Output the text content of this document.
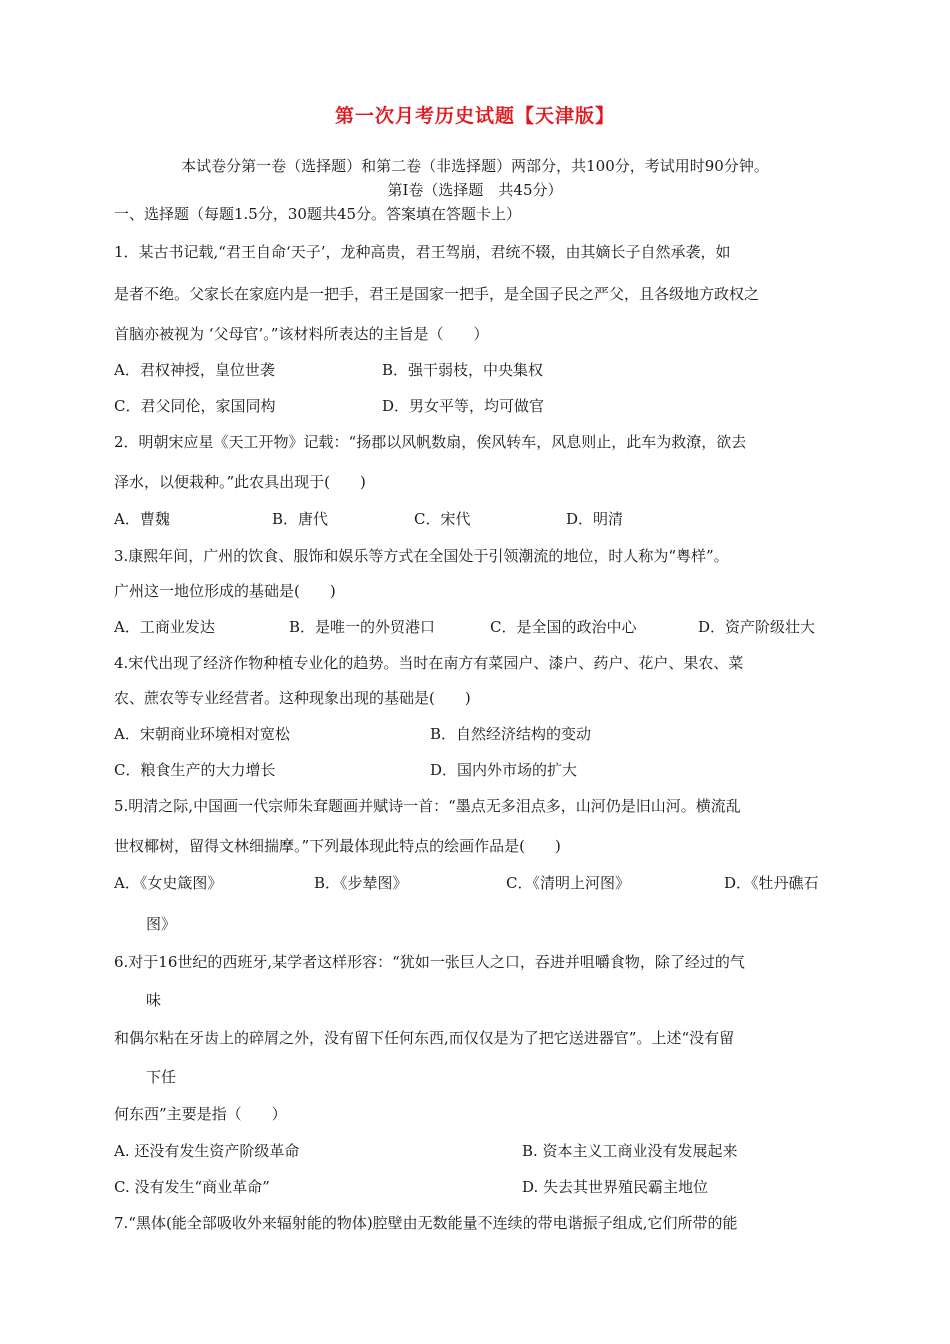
第一次月考历史试题【天津版】
本试卷分第一卷（选择题）和第二卷（非选择题）两部分，共100分，考试用时90分钟。
第Ⅰ卷（选择题　共45分）
一、选择题（每题1.5分，30题共45分。答案填在答题卡上）
1．某古书记载,“君王自命‘天子’，龙种高贵，君王驾崩，君统不辍，由其嫡长子自然承袭，如
是者不绝。父家长在家庭内是一把手，君王是国家一把手，是全国子民之严父，且各级地方政权之
首脑亦被视为 ‘父母官’。”该材料所表达的主旨是（　　）
A．君权神授，皇位世袭	B．强干弱枝，中央集权
C．君父同伦，家国同构	D．男女平等，均可做官
2．明朝宋应星《天工开物》记载：“扬郡以风帆数扇，俟风转车，风息则止，此车为救潦，欲去
泽水，以便栽种。”此农具出现于(　　)
A．曹魏	B．唐代	C．宋代	D．明清
3.康熙年间，广州的饮食、服饰和娱乐等方式在全国处于引领潮流的地位，时人称为“粤样”。
广州这一地位形成的基础是(　　)
A．工商业发达	B．是唯一的外贸港口	C．是全国的政治中心	D．资产阶级壮大
4.宋代出现了经济作物种植专业化的趋势。当时在南方有菜园户、漆户、药户、花户、果农、菜
农、蔗农等专业经营者。这种现象出现的基础是(　　)
A．宋朝商业环境相对宽松	B．自然经济结构的变动
C．粮食生产的大力增长	D．国内外市场的扩大
5.明清之际,中国画一代宗师朱耷题画并赋诗一首：“墨点无多泪点多，山河仍是旧山河。横流乱
世杈椰树，留得文林细揣摩。”下列最体现此特点的绘画作品是(　　)
A．《女史箴图》	B．《步辇图》	C．《清明上河图》	D．《牡丹礁石
图》
6.对于16世纪的西班牙,某学者这样形容：“犹如一张巨人之口，吞进并咀嚼食物，除了经过的气
味
和偶尔粘在牙齿上的碎屑之外，没有留下任何东西,而仅仅是为了把它送进器官”。上述“没有留
下任
何东西”主要是指（　　）
A. 还没有发生资产阶级革命	B. 资本主义工商业没有发展起来
C. 没有发生“商业革命”	D. 失去其世界殖民霸主地位
7.“黑体(能全部吸收外来辐射能的物体)腔壁由无数能量不连续的带电谐振子组成,它们所带的能
